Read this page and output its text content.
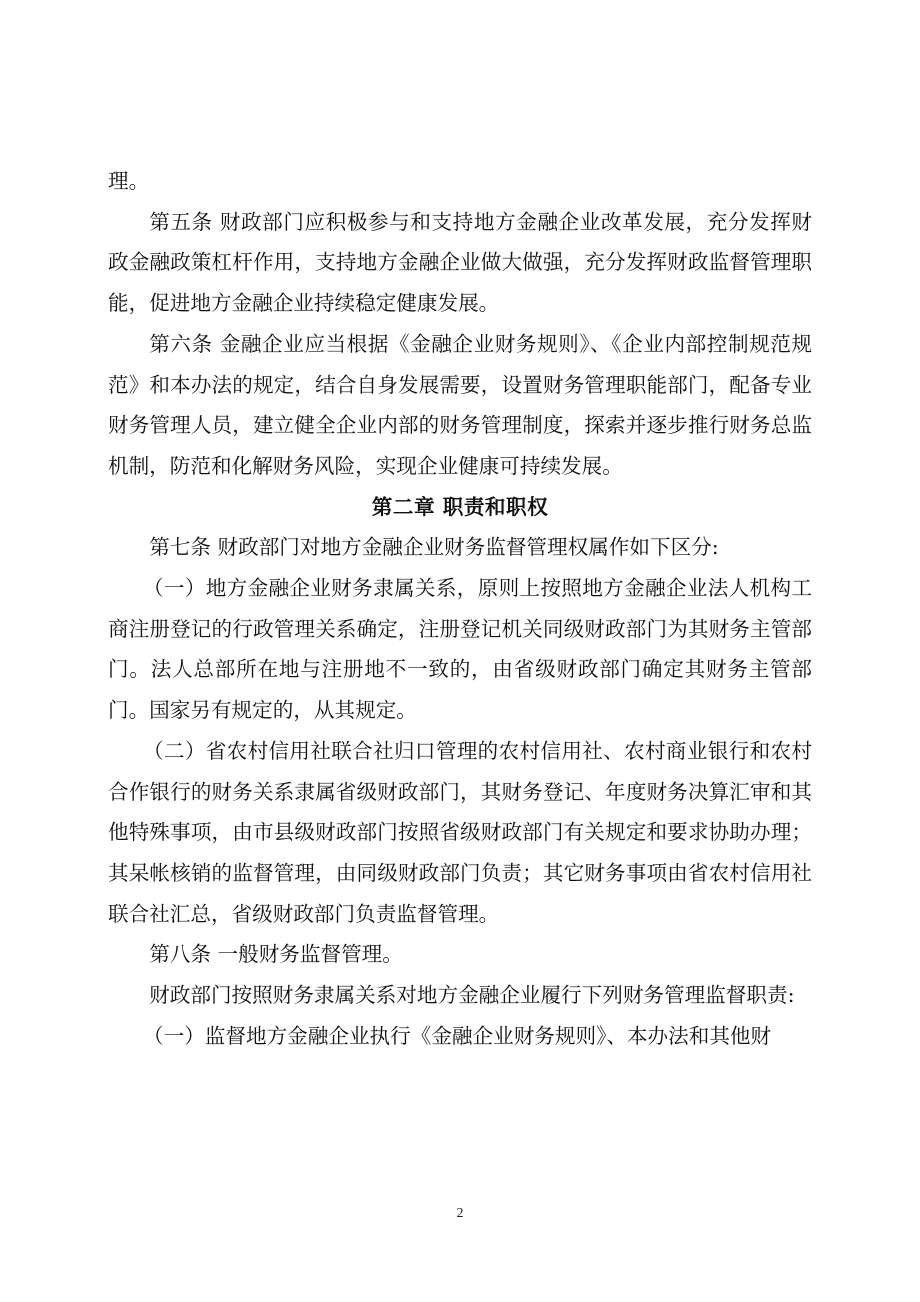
理。

第五条 财政部门应积极参与和支持地方金融企业改革发展，充分发挥财政金融政策杠杆作用，支持地方金融企业做大做强，充分发挥财政监督管理职能，促进地方金融企业持续稳定健康发展。

第六条 金融企业应当根据《金融企业财务规则》、《企业内部控制规范规范》和本办法的规定，结合自身发展需要，设置财务管理职能部门，配备专业财务管理人员，建立健全企业内部的财务管理制度，探索并逐步推行财务总监机制，防范和化解财务风险，实现企业健康可持续发展。

第二章 职责和职权

第七条 财政部门对地方金融企业财务监督管理权属作如下区分:

（一）地方金融企业财务隶属关系，原则上按照地方金融企业法人机构工商注册登记的行政管理关系确定，注册登记机关同级财政部门为其财务主管部门。法人总部所在地与注册地不一致的，由省级财政部门确定其财务主管部门。国家另有规定的，从其规定。

（二）省农村信用社联合社归口管理的农村信用社、农村商业银行和农村合作银行的财务关系隶属省级财政部门，其财务登记、年度财务决算汇审和其他特殊事项，由市县级财政部门按照省级财政部门有关规定和要求协助办理；其呆帐核销的监督管理，由同级财政部门负责；其它财务事项由省农村信用社联合社汇总，省级财政部门负责监督管理。

第八条 一般财务监督管理。

财政部门按照财务隶属关系对地方金融企业履行下列财务管理监督职责:

（一）监督地方金融企业执行《金融企业财务规则》、本办法和其他财

2
